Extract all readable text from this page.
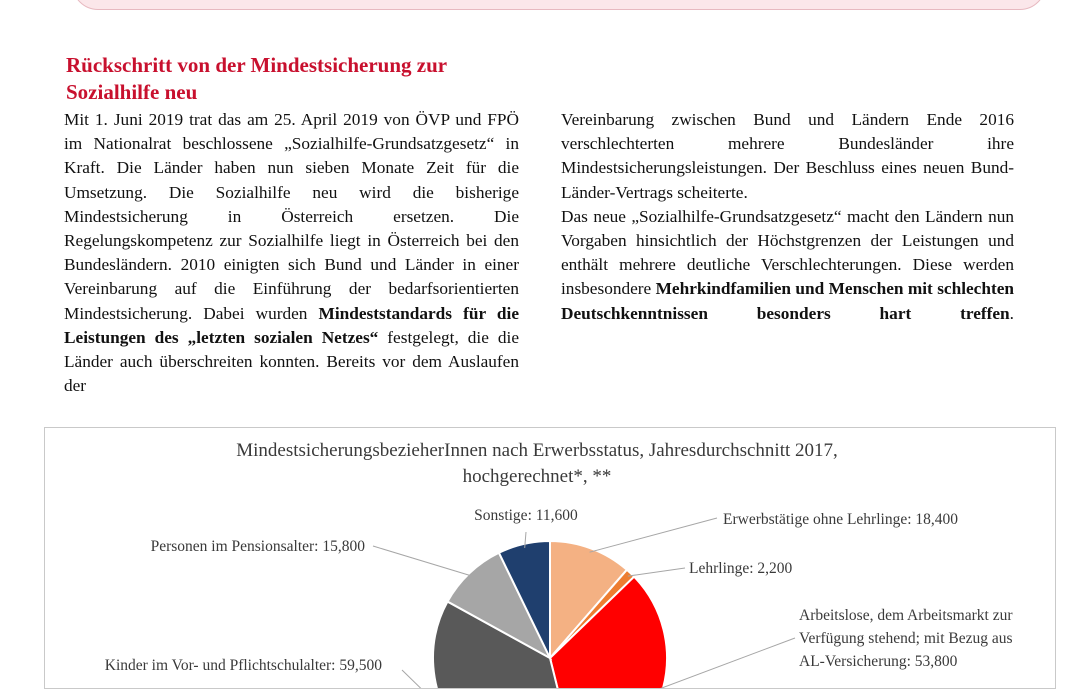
Rückschritt von der Mindestsicherung zur Sozialhilfe neu

Mit 1. Juni 2019 trat das am 25. April 2019 von ÖVP und FPÖ im Nationalrat beschlossene „Sozialhilfe-Grundsatzgesetz“ in Kraft. Die Länder haben nun sieben Monate Zeit für die Umsetzung. Die Sozialhilfe neu wird die bisherige Mindestsicherung in Österreich ersetzen. Die Regelungskompetenz zur Sozialhilfe liegt in Österreich bei den Bundesländern. 2010 einigten sich Bund und Länder in einer Vereinbarung auf die Einführung der bedarfsorientierten Mindestsicherung. Dabei wurden Mindeststandards für die Leistungen des „letzten sozialen Netzes“ festgelegt, die die Länder auch überschreiten konnten. Bereits vor dem Auslaufen der

Vereinbarung zwischen Bund und Ländern Ende 2016 verschlechterten mehrere Bundesländer ihre Mindestsicherungsleistungen. Der Beschluss eines neuen Bund-Länder-Vertrags scheiterte.

Das neue „Sozialhilfe-Grundsatzgesetz“ macht den Ländern nun Vorgaben hinsichtlich der Höchstgrenzen der Leistungen und enthält mehrere deutliche Verschlechterungen. Diese werden insbesondere Mehrkindfamilien und Menschen mit schlechten Deutschkenntnissen besonders hart treffen.

MindestsicherungsbezieherInnen nach Erwerbsstatus, Jahresdurchschnitt 2017,
hochgerechnet*, **
Erwerbstätige ohne Lehrlinge: 18,400
Lehrlinge: 2,200
Arbeitslose, dem Arbeitsmarkt zur
Verfügung stehend; mit Bezug aus
AL-Versicherung: 53,800
Kinder im Vor- und Pflichtschulalter: 59,500
Personen im Pensionsalter: 15,800
Sonstige: 11,600
